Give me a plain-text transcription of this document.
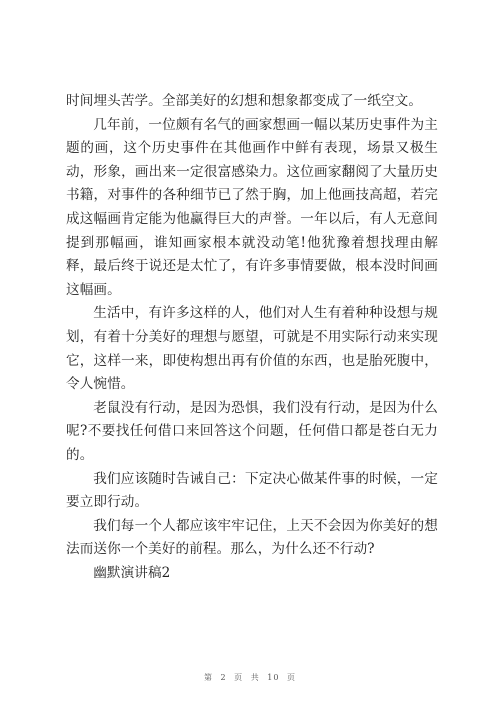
时间埋头苦学。全部美好的幻想和想象都变成了一纸空文。

几年前，一位颇有名气的画家想画一幅以某历史事件为主题的画，这个历史事件在其他画作中鲜有表现，场景又极生动，形象，画出来一定很富感染力。这位画家翻阅了大量历史书籍，对事件的各种细节已了然于胸，加上他画技高超，若完成这幅画肯定能为他赢得巨大的声誉。一年以后，有人无意间提到那幅画，谁知画家根本就没动笔!他犹豫着想找理由解释，最后终于说还是太忙了，有许多事情要做，根本没时间画这幅画。

生活中，有许多这样的人，他们对人生有着种种设想与规划，有着十分美好的理想与愿望，可就是不用实际行动来实现它，这样一来，即使构想出再有价值的东西，也是胎死腹中，令人惋惜。

老鼠没有行动，是因为恐惧，我们没有行动，是因为什么呢?不要找任何借口来回答这个问题，任何借口都是苍白无力的。

我们应该随时告诫自己：下定决心做某件事的时候，一定要立即行动。

我们每一个人都应该牢牢记住，上天不会因为你美好的想法而送你一个美好的前程。那么，为什么还不行动?

幽默演讲稿2

第 2 页 共 10 页
